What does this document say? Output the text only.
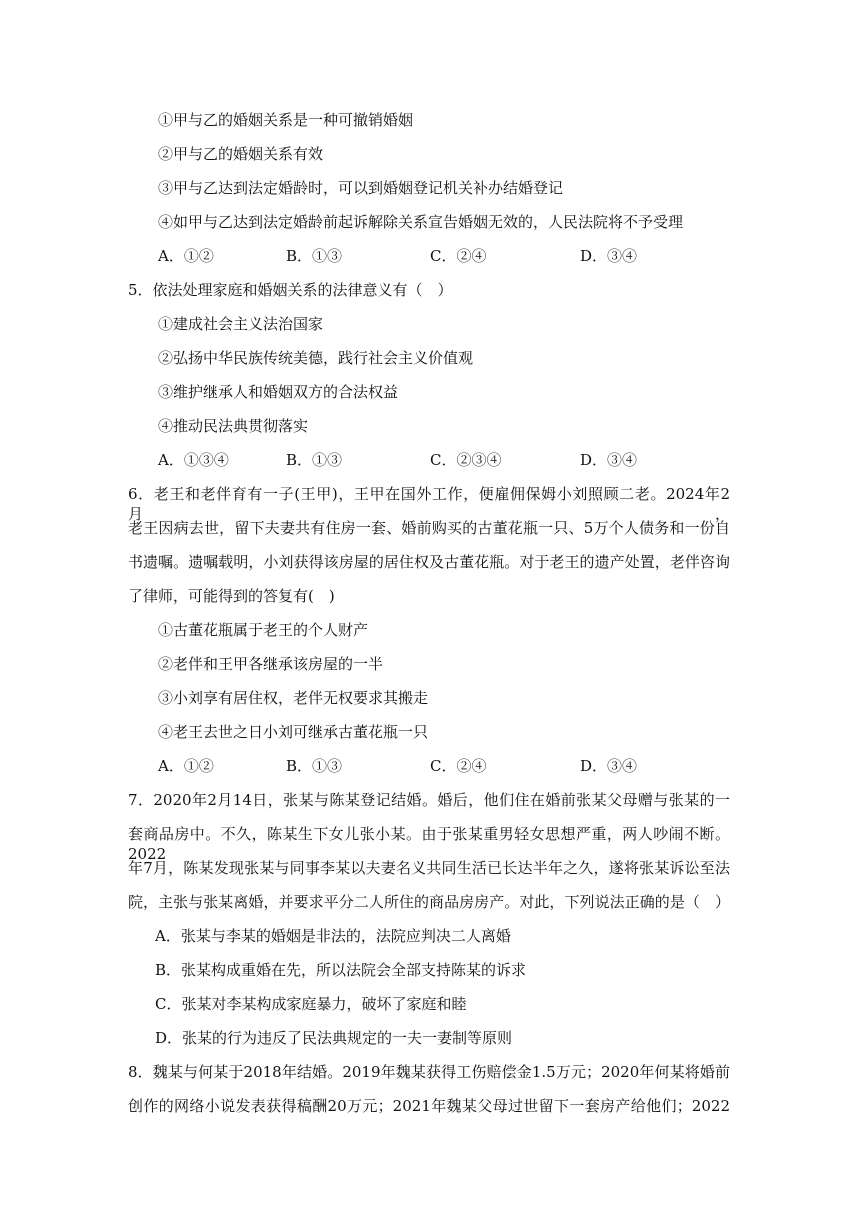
①甲与乙的婚姻关系是一种可撤销婚姻
②甲与乙的婚姻关系有效
③甲与乙达到法定婚龄时，可以到婚姻登记机关补办结婚登记
④如甲与乙达到法定婚龄前起诉解除关系宣告婚姻无效的，人民法院将不予受理
A．①②	B．①③	C．②④	D．③④
5．依法处理家庭和婚姻关系的法律意义有（　）
①建成社会主义法治国家
②弘扬中华民族传统美德，践行社会主义价值观
③维护继承人和婚姻双方的合法权益
④推动民法典贯彻落实
A．①③④	B．①③	C．②③④	D．③④
6．老王和老伴育有一子(王甲)，王甲在国外工作，便雇佣保姆小刘照顾二老。2024年2月，
老王因病去世，留下夫妻共有住房一套、婚前购买的古董花瓶一只、5万个人债务和一份自
书遗嘱。遗嘱载明，小刘获得该房屋的居住权及古董花瓶。对于老王的遗产处置，老伴咨询
了律师，可能得到的答复有(　)
①古董花瓶属于老王的个人财产
②老伴和王甲各继承该房屋的一半
③小刘享有居住权，老伴无权要求其搬走
④老王去世之日小刘可继承古董花瓶一只
A．①②	B．①③	C．②④	D．③④
7．2020年2月14日，张某与陈某登记结婚。婚后，他们住在婚前张某父母赠与张某的一
套商品房中。不久，陈某生下女儿张小某。由于张某重男轻女思想严重，两人吵闹不断。2022
年7月，陈某发现张某与同事李某以夫妻名义共同生活已长达半年之久，遂将张某诉讼至法
院，主张与张某离婚，并要求平分二人所住的商品房房产。对此，下列说法正确的是（　）
A．张某与李某的婚姻是非法的，法院应判决二人离婚
B．张某构成重婚在先，所以法院会全部支持陈某的诉求
C．张某对李某构成家庭暴力，破坏了家庭和睦
D．张某的行为违反了民法典规定的一夫一妻制等原则
8．魏某与何某于2018年结婚。2019年魏某获得工伤赔偿金1.5万元；2020年何某将婚前
创作的网络小说发表获得稿酬20万元；2021年魏某父母过世留下一套房产给他们；2022
